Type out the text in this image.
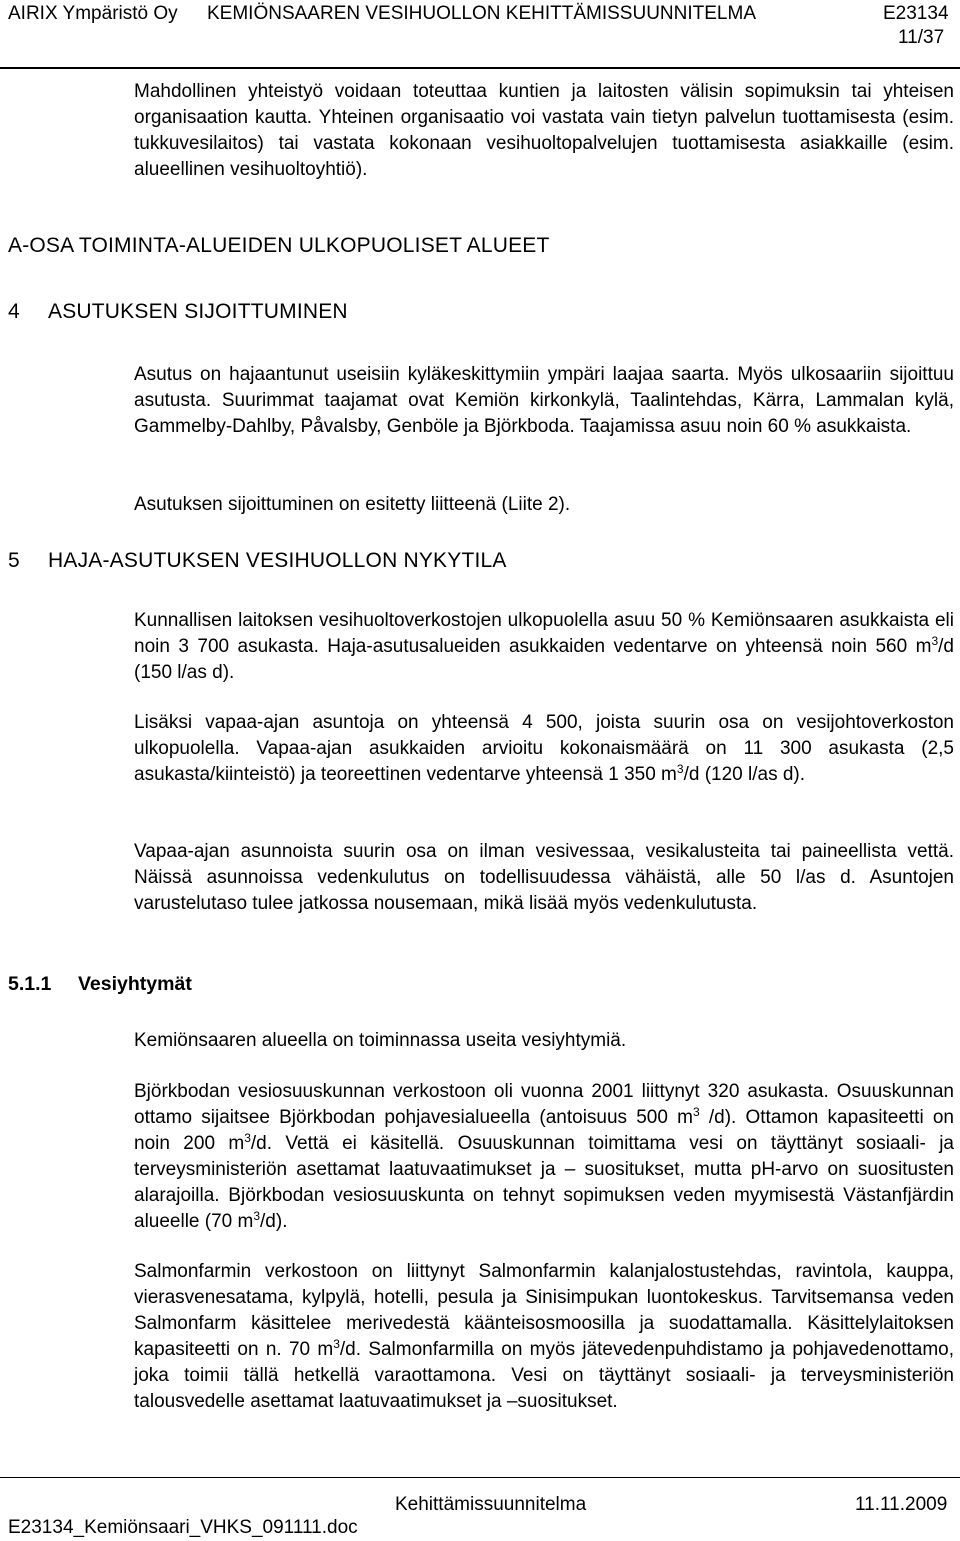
AIRIX Ympäristö Oy KEMIÖNSAAREN VESIHUOLLON KEHITTÄMISSUUNNITELMA	E23134
11/37

Mahdollinen yhteistyö voidaan toteuttaa kuntien ja laitosten välisin sopimuksin tai yhteisen organisaation kautta. Yhteinen organisaatio voi vastata vain tietyn palvelun tuottamisesta (esim. tukkuvesilaitos) tai vastata kokonaan vesihuoltopalvelujen tuottamisesta asiakkaille (esim. alueellinen vesihuoltoyhtiö).

A-OSA TOIMINTA-ALUEIDEN ULKOPUOLISET ALUEET
4 ASUTUKSEN SIJOITTUMINEN

Asutus on hajaantunut useisiin kyläkeskittymiin ympäri laajaa saarta. Myös ulkosaariin sijoittuu asutusta. Suurimmat taajamat ovat Kemiön kirkonkylä, Taalintehdas, Kärra, Lammalan kylä, Gammelby-Dahlby, Påvalsby, Genböle ja Björkboda. Taajamissa asuu noin 60 % asukkaista.

Asutuksen sijoittuminen on esitetty liitteenä (Liite 2).

5 HAJA-ASUTUKSEN VESIHUOLLON NYKYTILA

Kunnallisen laitoksen vesihuoltoverkostojen ulkopuolella asuu 50 % Kemiönsaaren asukkaista eli noin 3 700 asukasta. Haja-asutusalueiden asukkaiden vedentarve on yhteensä noin 560 $m^3/d$ (150 l/as d).

Lisäksi vapaa-ajan asuntoja on yhteensä 4 500, joista suurin osa on vesijohtoverkoston ulkopuolella. Vapaa-ajan asukkaiden arvioitu kokonaismäärä on 11 300 asukasta (2,5 asukasta/kiinteistö) ja teoreettinen vedentarve yhteensä 1 350 $m^3/d$ (120 l/as d).

Vapaa-ajan asunnoista suurin osa on ilman vesivessaa, vesikalusteita tai paineellista vettä. Näissä asunnoissa vedenkulutus on todellisuudessa vähäistä, alle 50 l/as d. Asuntojen varustelutaso tulee jatkossa nousemaan, mikä lisää myös vedenkulutusta.

5.1.1 Vesiyhtymät

Kemiönsaaren alueella on toiminnassa useita vesiyhtymiä.

Björkbodan vesiosuuskunnan verkostoon oli vuonna 2001 liittynyt 320 asukasta. Osuuskunnan ottamo sijaitsee Björkbodan pohjavesialueella (antoisuus 500 $m^3$ /d). Ottamon kapasiteetti on noin 200 $m^3/d$. Vettä ei käsitellä. Osuuskunnan toimittama vesi on täyttänyt sosiaali- ja terveysministeriön asettamat laatuvaatimukset ja – suositukset, mutta pH-arvo on suositusten alarajoilla. Björkbodan vesiosuuskunta on tehnyt sopimuksen veden myymisestä Västanfjärdin alueelle (70 $m^3/d$).

Salmonfarmin verkostoon on liittynyt Salmonfarmin kalanjalostustehdas, ravintola, kauppa, vierasvenesatama, kylpylä, hotelli, pesula ja Sinisimpukan luontokeskus. Tarvitsemansa veden Salmonfarm käsittelee merivedestä käänteisosmoosilla ja suodattamalla. Käsittelylaitoksen kapasiteetti on n. 70 $m^3/d$. Salmonfarmilla on myös jätevedenpuhdistamo ja pohjavedenottamo, joka toimii tällä hetkellä varaottamona. Vesi on täyttänyt sosiaali- ja terveysministeriön talousvedelle asettamat laatuvaatimukset ja –suositukset.

Kehittämissuunnitelma	11.11.2009
E23134_Kemiönsaari_VHKS_091111.doc
